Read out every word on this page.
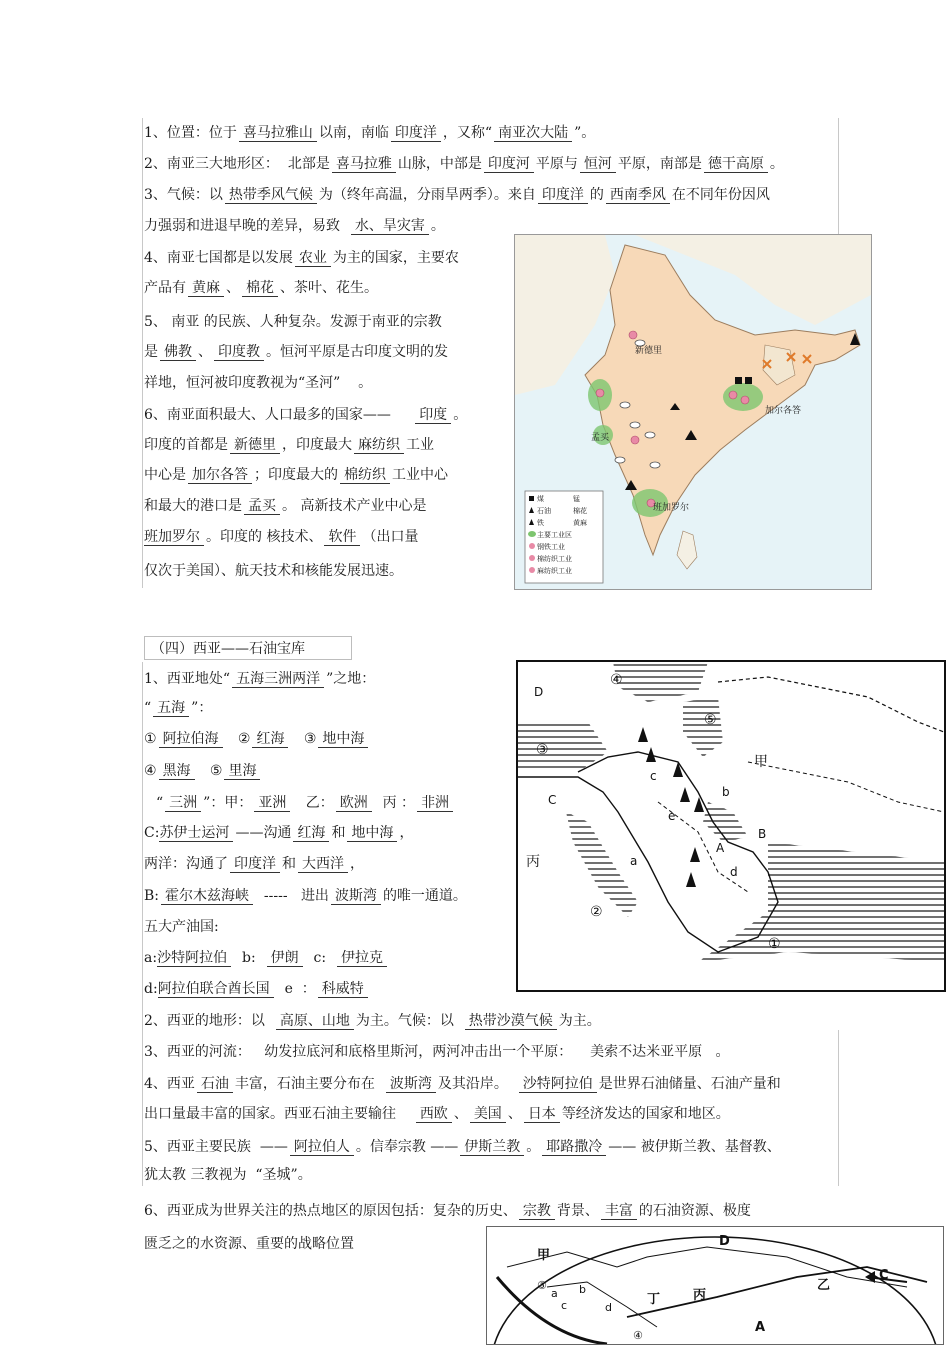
1、位置：位于 喜马拉雅山 以南，南临 印度洋 ，又称“ 南亚次大陆 ”。
2、南亚三大地形区： 北部是 喜马拉雅 山脉，中部是 印度河 平原与 恒河 平原，南部是 德干高原 。
3、气候：以 热带季风气候 为（终年高温，分雨旱两季）。来自 印度洋 的 西南季风 在不同年份因风
力强弱和进退早晚的差异，易致 水、旱灾害 。
4、南亚七国都是以发展 农业 为主的国家，主要农
产品有 黄麻 、 棉花 、茶叶、花生。
5、 南亚 的民族、人种复杂。发源于南亚的宗教
是 佛教 、 印度教 。恒河平原是古印度文明的发
祥地，恒河被印度教视为“圣河” 。
6、南亚面积最大、人口最多的国家—— 印度 。
印度的首都是 新德里 ，印度最大 麻纺织 工业
中心是 加尔各答 ；印度最大的 棉纺织 工业中心
和最大的港口是 孟买 。 高新技术产业中心是
班加罗尔 。印度的 核技术、 软件 （出口量
仅次于美国）、航天技术和核能发展迅速。
新德里
加尔各答
孟买
班加罗尔
煤	锰
石油	棉花
铁	黄麻
主要工业区
钢铁工业
棉纺织工业
麻纺织工业
（四）西亚——石油宝库
1、西亚地处“ 五海三洲两洋 ”之地：
“ 五海 ”：
① 阿拉伯海 ② 红海 ③ 地中海
④ 黑海 ⑤ 里海
“ 三洲 ”：甲： 亚洲 乙： 欧洲 丙 ： 非洲
C:苏伊士运河 ——沟通 红海 和 地中海 ，
两洋：沟通了 印度洋 和 大西洋 ，
B: 霍尔木兹海峡 ----- 进出 波斯湾 的唯一通道。
五大产油国:
a:沙特阿拉伯 b: 伊朗 c: 伊拉克
d:阿拉伯联合酋长国 e ： 科威特
2、西亚的地形：以 高原、山地 为主。气候：以 热带沙漠气候 为主。
3、西亚的河流： 幼发拉底河和底格里斯河，两河冲击出一个平原： 美索不达米亚平原 。
4、西亚 石油 丰富，石油主要分布在 波斯湾 及其沿岸。 沙特阿拉伯 是世界石油储量、石油产量和
出口量最丰富的国家。西亚石油主要输往 西欧 、 美国 、 日本 等经济发达的国家和地区。
5、西亚主要民族 —— 阿拉伯人 。信奉宗教 —— 伊斯兰教 。 耶路撒冷 —— 被伊斯兰教、基督教、
犹太教 三教视为 “圣城”。
6、西亚成为世界关注的热点地区的原因包括：复杂的历史、 宗教 背景、 丰富 的石油资源、极度
匮乏之的水资源、重要的战略位置
④
⑤
③
②
①
甲
丙	a
b
c
d
e
A
B
C
D
D
C
A
乙
丙
丁
甲
③
④
a b
c	d
